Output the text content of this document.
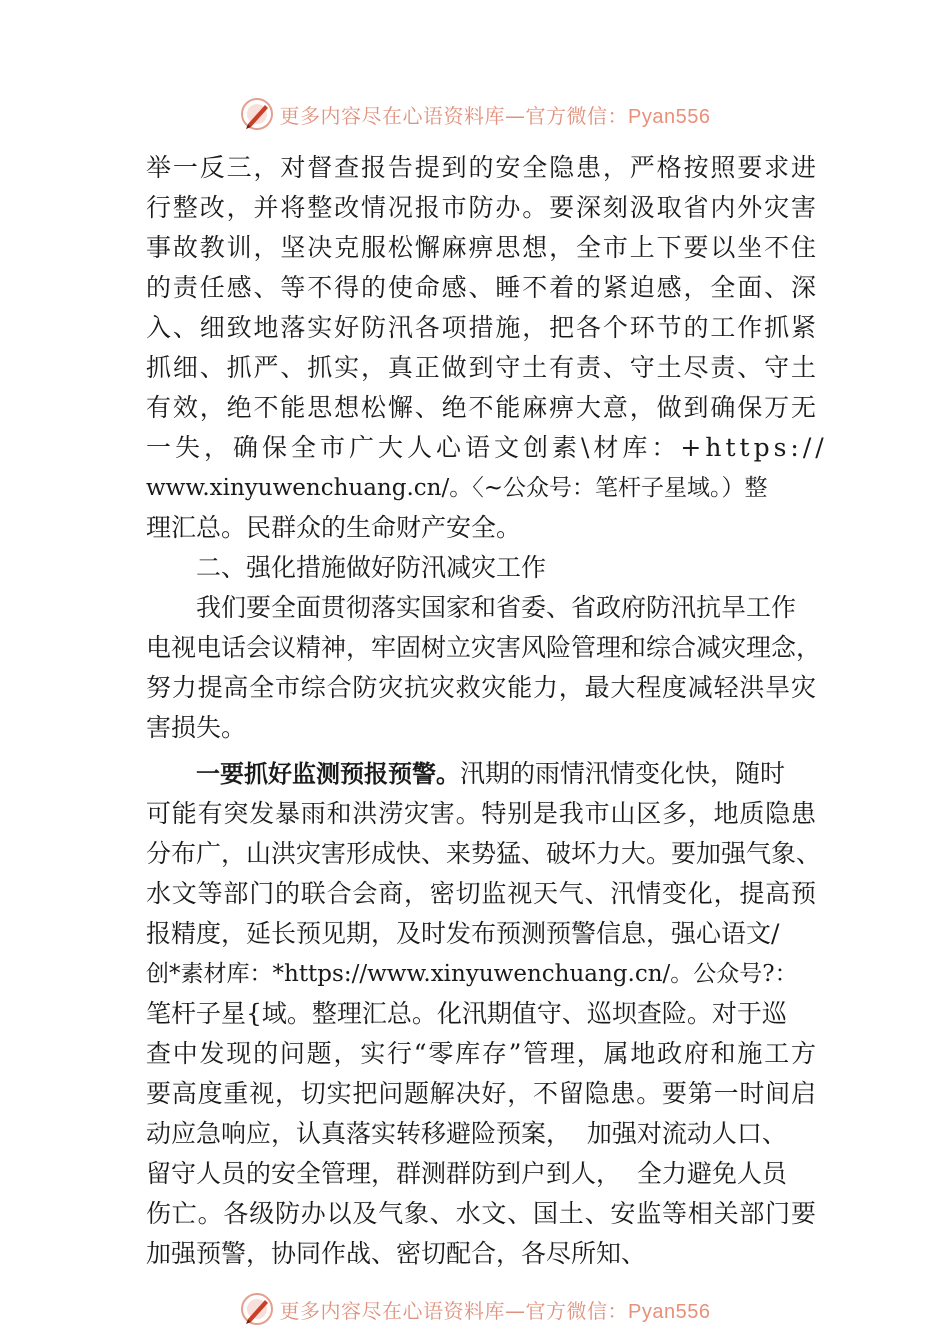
更多内容尽在心语资料库—官方微信：Pyan556
举一反三，对督查报告提到的安全隐患，严格按照要求进
行整改，并将整改情况报市防办。要深刻汲取省内外灾害
事故教训，坚决克服松懈麻痹思想，全市上下要以坐不住
的责任感、等不得的使命感、睡不着的紧迫感，全面、深
入、细致地落实好防汛各项措施，把各个环节的工作抓紧
抓细、抓严、抓实，真正做到守土有责、守土尽责、守土
有效，绝不能思想松懈、绝不能麻痹大意，做到确保万无
一失，确保全市广大人心语文创素\材库：+https://
www.xinyuwenchuang.cn/。〈~公众号：笔杆子星域。）整
理汇总。民群众的生命财产安全。
二、强化措施做好防汛减灾工作
我们要全面贯彻落实国家和省委、省政府防汛抗旱工作
电视电话会议精神，牢固树立灾害风险管理和综合减灾理念，
努力提高全市综合防灾抗灾救灾能力，最大程度减轻洪旱灾
害损失。
一要抓好监测预报预警。汛期的雨情汛情变化快，随时
可能有突发暴雨和洪涝灾害。特别是我市山区多，地质隐患
分布广，山洪灾害形成快、来势猛、破坏力大。要加强气象、
水文等部门的联合会商，密切监视天气、汛情变化，提高预
报精度，延长预见期，及时发布预测预警信息，强心语文/
创*素材库：*https://www.xinyuwenchuang.cn/。公众号?：
笔杆子星{域。整理汇总。化汛期值守、巡坝查险。对于巡
查中发现的问题，实行“零库存”管理，属地政府和施工方
要高度重视，切实把问题解决好，不留隐患。要第一时间启
动应急响应，认真落实转移避险预案，  加强对流动人口、
留守人员的安全管理，群测群防到户到人，  全力避免人员
伤亡。各级防办以及气象、水文、国土、安监等相关部门要
加强预警，协同作战、密切配合，各尽所知、
更多内容尽在心语资料库—官方微信：Pyan556
